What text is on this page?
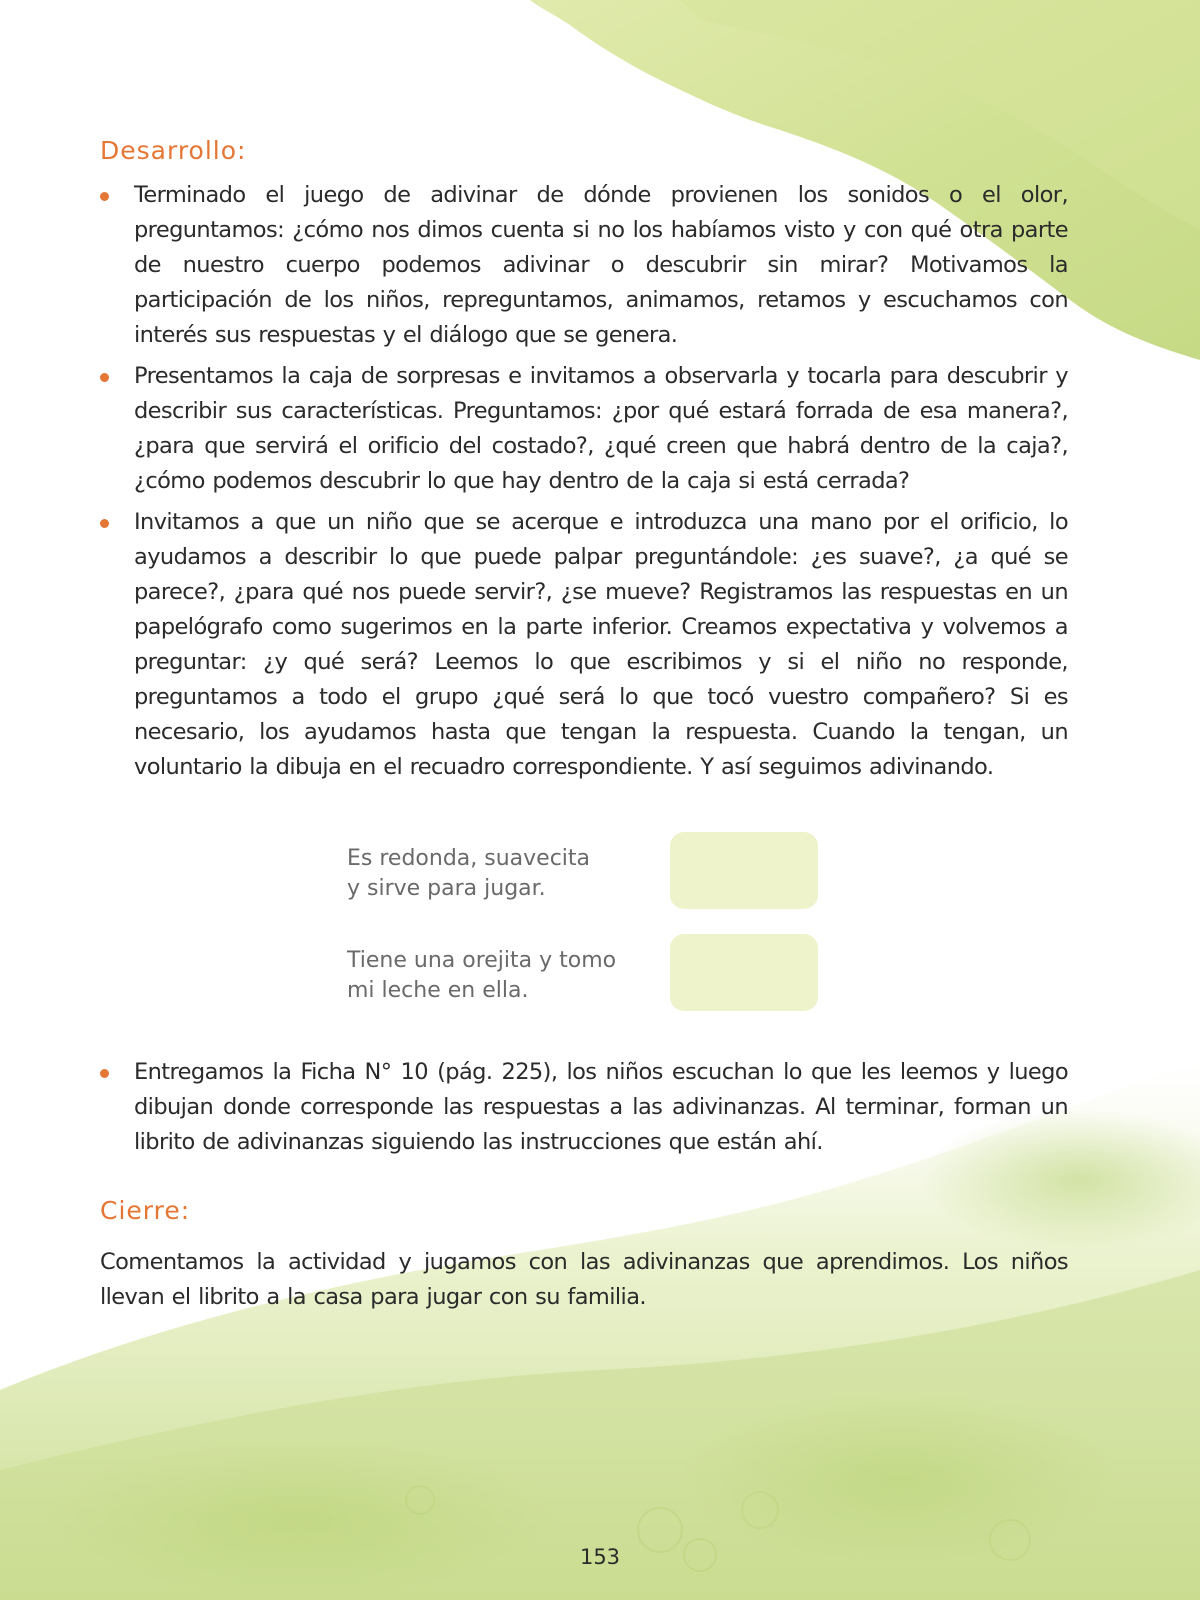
Desarrollo:
Terminado el juego de adivinar de dónde provienen los sonidos o el olor, preguntamos: ¿cómo nos dimos cuenta si no los habíamos visto y con qué otra parte de nuestro cuerpo podemos adivinar o descubrir sin mirar? Motivamos la participación de los niños, repreguntamos, animamos, retamos y escuchamos con interés sus respuestas y el diálogo que se genera.
Presentamos la caja de sorpresas e invitamos a observarla y tocarla para descubrir y describir sus características. Preguntamos: ¿por qué estará forrada de esa manera?, ¿para que servirá el orificio del costado?, ¿qué creen que habrá dentro de la caja?, ¿cómo podemos descubrir lo que hay dentro de la caja si está cerrada?
Invitamos a que un niño que se acerque e introduzca una mano por el orificio, lo ayudamos a describir lo que puede palpar preguntándole: ¿es suave?, ¿a qué se parece?, ¿para qué nos puede servir?, ¿se mueve? Registramos las respuestas en un papelógrafo como sugerimos en la parte inferior. Creamos expectativa y volvemos a preguntar: ¿y qué será? Leemos lo que escribimos y si el niño no responde, preguntamos a todo el grupo ¿qué será lo que tocó vuestro compañero? Si es necesario, los ayudamos hasta que tengan la respuesta. Cuando la tengan, un voluntario la dibuja en el recuadro correspondiente. Y así seguimos adivinando.

Es redonda, suavecita
y sirve para jugar.

Tiene una orejita y tomo
mi leche en ella.

Entregamos la Ficha N° 10 (pág. 225), los niños escuchan lo que les leemos y luego dibujan donde corresponde las respuestas a las adivinanzas. Al terminar, forman un librito de adivinanzas siguiendo las instrucciones que están ahí.
Cierre:

Comentamos la actividad y jugamos con las adivinanzas que aprendimos. Los niños llevan el librito a la casa para jugar con su familia.

153
